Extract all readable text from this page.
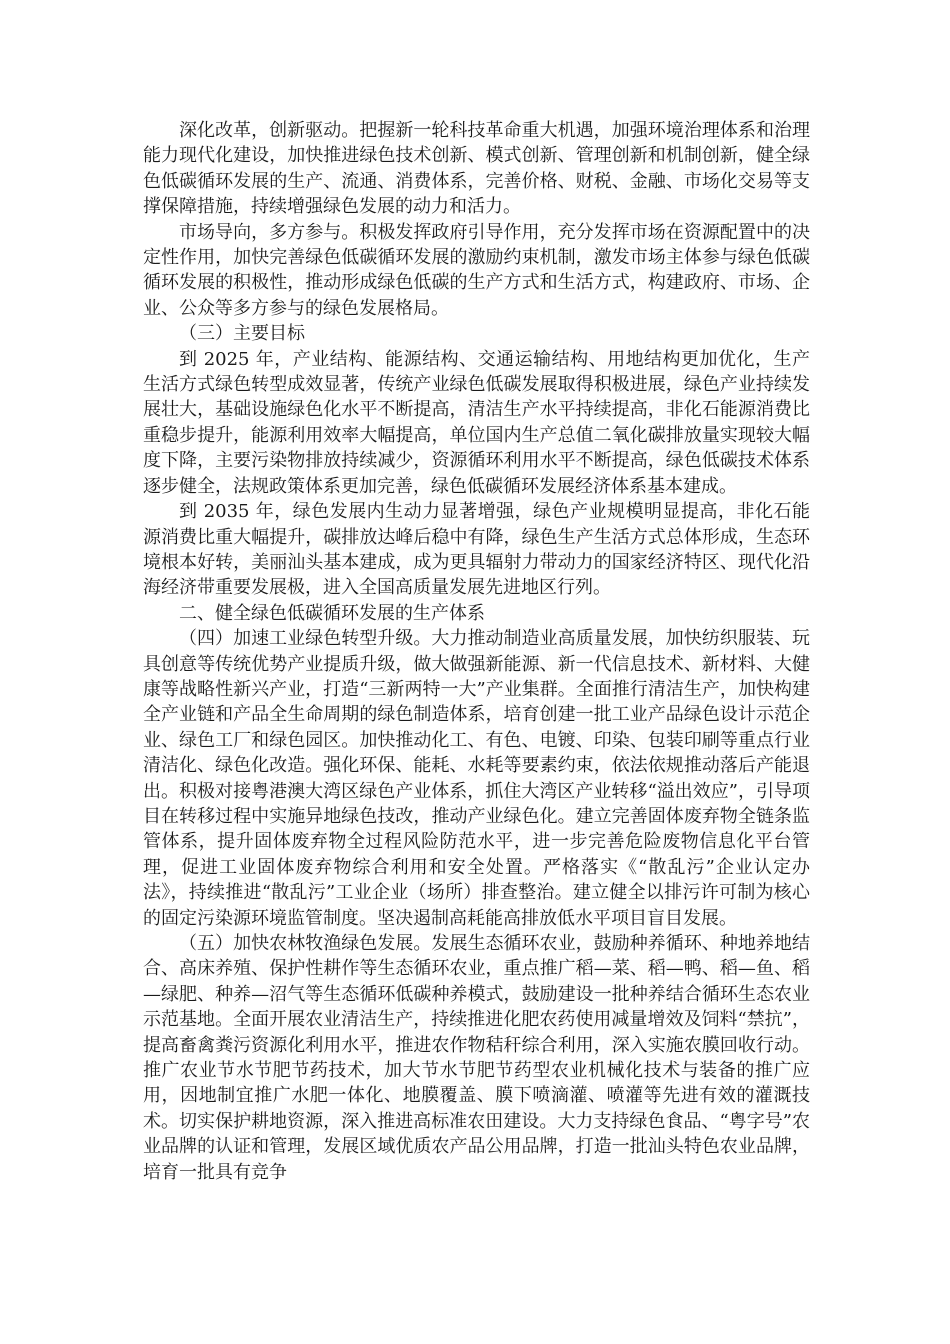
深化改革，创新驱动。把握新一轮科技革命重大机遇，加强环境治理体系和治理能力现代化建设，加快推进绿色技术创新、模式创新、管理创新和机制创新，健全绿色低碳循环发展的生产、流通、消费体系，完善价格、财税、金融、市场化交易等支撑保障措施，持续增强绿色发展的动力和活力。

市场导向，多方参与。积极发挥政府引导作用，充分发挥市场在资源配置中的决定性作用，加快完善绿色低碳循环发展的激励约束机制，激发市场主体参与绿色低碳循环发展的积极性，推动形成绿色低碳的生产方式和生活方式，构建政府、市场、企业、公众等多方参与的绿色发展格局。

（三）主要目标

到 2025 年，产业结构、能源结构、交通运输结构、用地结构更加优化，生产生活方式绿色转型成效显著，传统产业绿色低碳发展取得积极进展，绿色产业持续发展壮大，基础设施绿色化水平不断提高，清洁生产水平持续提高，非化石能源消费比重稳步提升，能源利用效率大幅提高，单位国内生产总值二氧化碳排放量实现较大幅度下降，主要污染物排放持续减少，资源循环利用水平不断提高，绿色低碳技术体系逐步健全，法规政策体系更加完善，绿色低碳循环发展经济体系基本建成。

到 2035 年，绿色发展内生动力显著增强，绿色产业规模明显提高，非化石能源消费比重大幅提升，碳排放达峰后稳中有降，绿色生产生活方式总体形成，生态环境根本好转，美丽汕头基本建成，成为更具辐射力带动力的国家经济特区、现代化沿海经济带重要发展极，进入全国高质量发展先进地区行列。

二、健全绿色低碳循环发展的生产体系

（四）加速工业绿色转型升级。大力推动制造业高质量发展，加快纺织服装、玩具创意等传统优势产业提质升级，做大做强新能源、新一代信息技术、新材料、大健康等战略性新兴产业，打造“三新两特一大”产业集群。全面推行清洁生产，加快构建全产业链和产品全生命周期的绿色制造体系，培育创建一批工业产品绿色设计示范企业、绿色工厂和绿色园区。加快推动化工、有色、电镀、印染、包装印刷等重点行业清洁化、绿色化改造。强化环保、能耗、水耗等要素约束，依法依规推动落后产能退出。积极对接粤港澳大湾区绿色产业体系，抓住大湾区产业转移“溢出效应”，引导项目在转移过程中实施异地绿色技改，推动产业绿色化。建立完善固体废弃物全链条监管体系，提升固体废弃物全过程风险防范水平，进一步完善危险废物信息化平台管理，促进工业固体废弃物综合利用和安全处置。严格落实《“散乱污”企业认定办法》，持续推进“散乱污”工业企业（场所）排查整治。建立健全以排污许可制为核心的固定污染源环境监管制度。坚决遏制高耗能高排放低水平项目盲目发展。

（五）加快农林牧渔绿色发展。发展生态循环农业，鼓励种养循环、种地养地结合、高床养殖、保护性耕作等生态循环农业，重点推广稻—菜、稻—鸭、稻—鱼、稻—绿肥、种养—沼气等生态循环低碳种养模式，鼓励建设一批种养结合循环生态农业示范基地。全面开展农业清洁生产，持续推进化肥农药使用减量增效及饲料“禁抗”，提高畜禽粪污资源化利用水平，推进农作物秸秆综合利用，深入实施农膜回收行动。推广农业节水节肥节药技术，加大节水节肥节药型农业机械化技术与装备的推广应用，因地制宜推广水肥一体化、地膜覆盖、膜下喷滴灌、喷灌等先进有效的灌溉技术。切实保护耕地资源，深入推进高标准农田建设。大力支持绿色食品、“粤字号”农业品牌的认证和管理，发展区域优质农产品公用品牌，打造一批汕头特色农业品牌，培育一批具有竞争
